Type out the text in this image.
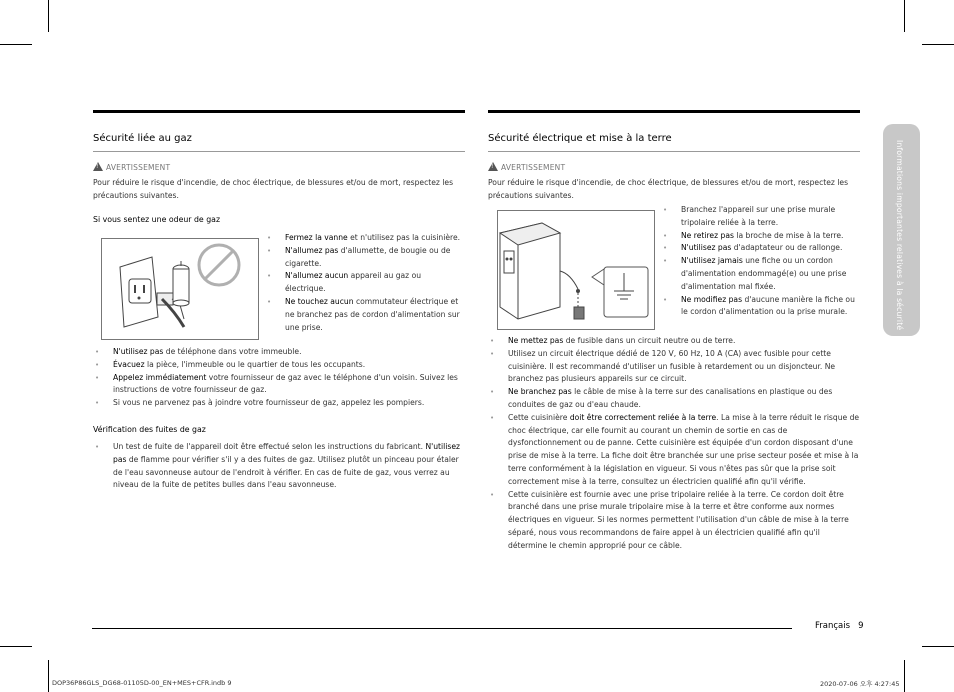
Sécurité liée au gaz
! AVERTISSEMENT

Pour réduire le risque d'incendie, de choc électrique, de blessures et/ou de mort, respectez les précautions suivantes.

Si vous sentez une odeur de gaz
• Fermez la vanne et n'utilisez pas la cuisinière.
• N'allumez pas d'allumette, de bougie ou de cigarette.
• N'allumez aucun appareil au gaz ou électrique.
• Ne touchez aucun commutateur électrique et ne branchez pas de cordon d'alimentation sur une prise.
• N'utilisez pas de téléphone dans votre immeuble.
• Évacuez la pièce, l'immeuble ou le quartier de tous les occupants.
• Appelez immédiatement votre fournisseur de gaz avec le téléphone d'un voisin. Suivez les instructions de votre fournisseur de gaz.
• Si vous ne parvenez pas à joindre votre fournisseur de gaz, appelez les pompiers.
Vérification des fuites de gaz
• Un test de fuite de l'appareil doit être effectué selon les instructions du fabricant. N'utilisez pas de flamme pour vérifier s'il y a des fuites de gaz. Utilisez plutôt un pinceau pour étaler de l'eau savonneuse autour de l'endroit à vérifier. En cas de fuite de gaz, vous verrez au niveau de la fuite de petites bulles dans l'eau savonneuse.
Sécurité électrique et mise à la terre
! AVERTISSEMENT

Pour réduire le risque d'incendie, de choc électrique, de blessures et/ou de mort, respectez les précautions suivantes.

• Branchez l'appareil sur une prise murale tripolaire reliée à la terre.
• Ne retirez pas la broche de mise à la terre.
• N'utilisez pas d'adaptateur ou de rallonge.
• N'utilisez jamais une fiche ou un cordon d'alimentation endommagé(e) ou une prise d'alimentation mal fixée.
• Ne modifiez pas d'aucune manière la fiche ou le cordon d'alimentation ou la prise murale.
• Ne mettez pas de fusible dans un circuit neutre ou de terre.
• Utilisez un circuit électrique dédié de 120 V, 60 Hz, 10 A (CA) avec fusible pour cette cuisinière. Il est recommandé d'utiliser un fusible à retardement ou un disjoncteur. Ne branchez pas plusieurs appareils sur ce circuit.
• Ne branchez pas le câble de mise à la terre sur des canalisations en plastique ou des conduites de gaz ou d'eau chaude.
• Cette cuisinière doit être correctement reliée à la terre. La mise à la terre réduit le risque de choc électrique, car elle fournit au courant un chemin de sortie en cas de dysfonctionnement ou de panne. Cette cuisinière est équipée d'un cordon disposant d'une prise de mise à la terre. La fiche doit être branchée sur une prise secteur posée et mise à la terre conformément à la législation en vigueur. Si vous n'êtes pas sûr que la prise soit correctement mise à la terre, consultez un électricien qualifié afin qu'il vérifie.
• Cette cuisinière est fournie avec une prise tripolaire reliée à la terre. Ce cordon doit être branché dans une prise murale tripolaire mise à la terre et être conforme aux normes électriques en vigueur. Si les normes permettent l'utilisation d'un câble de mise à la terre séparé, nous vous recommandons de faire appel à un électricien qualifié afin qu'il détermine le chemin approprié pour ce câble.
Informations importantes relatives à la sécurité
Français 9
DOP36P86GLS_DG68-01105D-00_EN+MES+CFR.indb 9	2020-07-06 오후 4:27:45
